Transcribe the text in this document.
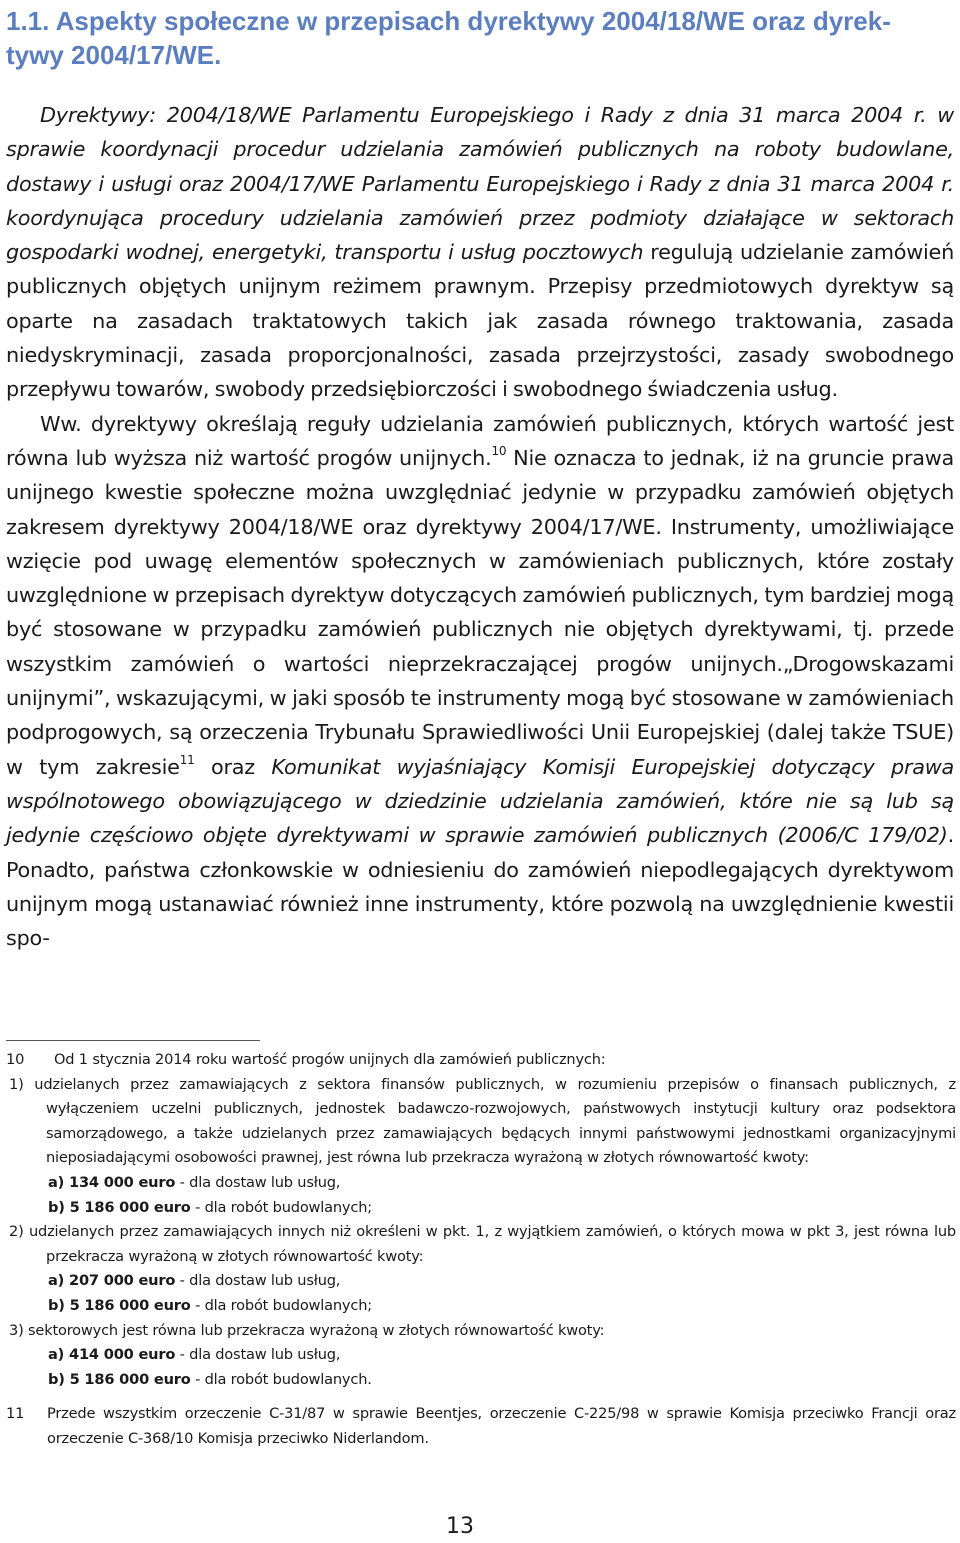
1.1. Aspekty społeczne w przepisach dyrektywy 2004/18/WE oraz dyrek-
tywy 2004/17/WE.
Dyrektywy: 2004/18/WE Parlamentu Europejskiego i Rady z dnia 31 marca 2004 r. w sprawie koordynacji procedur udzielania zamówień publicznych na roboty budowlane, dostawy i usługi oraz 2004/17/WE Parlamentu Europejskiego i Rady z dnia 31 marca 2004 r. koordynująca procedury udzielania zamówień przez podmioty działające w sektorach gospodarki wodnej, energetyki, transportu i usług pocztowych regulują udzielanie zamówień publicznych objętych unijnym reżimem prawnym. Przepisy przedmiotowych dyrektyw są oparte na zasadach traktatowych takich jak zasada równego traktowania, zasada niedyskryminacji, zasada proporcjonalności, zasada przejrzystości, zasady swobodnego przepływu towarów, swobody przedsiębiorczości i swobodnego świadczenia usług.
Ww. dyrektywy określają reguły udzielania zamówień publicznych, których wartość jest równa lub wyższa niż wartość progów unijnych.$^{10}$ Nie oznacza to jednak, iż na gruncie prawa unijnego kwestie społeczne można uwzględniać jedynie w przypadku zamówień objętych zakresem dyrektywy 2004/18/WE oraz dyrektywy 2004/17/WE. Instrumenty, umożliwiające wzięcie pod uwagę elementów społecznych w zamówieniach publicznych, które zostały uwzględnione w przepisach dyrektyw dotyczących zamówień publicznych, tym bardziej mogą być stosowane w przypadku zamówień publicznych nie objętych dyrektywami, tj. przede wszystkim zamówień o wartości nieprzekraczającej progów unijnych.„Drogowskazami unijnymi”, wskazującymi, w jaki sposób te instrumenty mogą być stosowane w zamówieniach podprogowych, są orzeczenia Trybunału Sprawiedliwości Unii Europejskiej (dalej także TSUE) w tym zakresie$^{11}$ oraz Komunikat wyjaśniający Komisji Europejskiej dotyczący prawa wspólnotowego obowiązującego w dziedzinie udzielania zamówień, które nie są lub są jedynie częściowo objęte dyrektywami w sprawie zamówień publicznych (2006/C 179/02). Ponadto, państwa członkowskie w odniesieniu do zamówień niepodlegających dyrektywom unijnym mogą ustanawiać również inne instrumenty, które pozwolą na uwzględnienie kwestii spo-
10 Od 1 stycznia 2014 roku wartość progów unijnych dla zamówień publicznych:
1) udzielanych przez zamawiających z sektora finansów publicznych, w rozumieniu przepisów o finansach publicznych, z wyłączeniem uczelni publicznych, jednostek badawczo-rozwojowych, państwowych instytucji kultury oraz podsektora samorządowego, a także udzielanych przez zamawiających będących innymi państwowymi jednostkami organizacyjnymi nieposiadającymi osobowości prawnej, jest równa lub przekracza wyrażoną w złotych równowartość kwoty:
a) 134 000 euro - dla dostaw lub usług,
b) 5 186 000 euro - dla robót budowlanych;
2) udzielanych przez zamawiających innych niż określeni w pkt. 1, z wyjątkiem zamówień, o których mowa w pkt 3, jest równa lub przekracza wyrażoną w złotych równowartość kwoty:
a) 207 000 euro - dla dostaw lub usług,
b) 5 186 000 euro - dla robót budowlanych;
3) sektorowych jest równa lub przekracza wyrażoną w złotych równowartość kwoty:
a) 414 000 euro - dla dostaw lub usług,
b) 5 186 000 euro - dla robót budowlanych.
11 Przede wszystkim orzeczenie C-31/87 w sprawie Beentjes, orzeczenie C-225/98 w sprawie Komisja przeciwko Francji oraz orzeczenie C-368/10 Komisja przeciwko Niderlandom.
13
